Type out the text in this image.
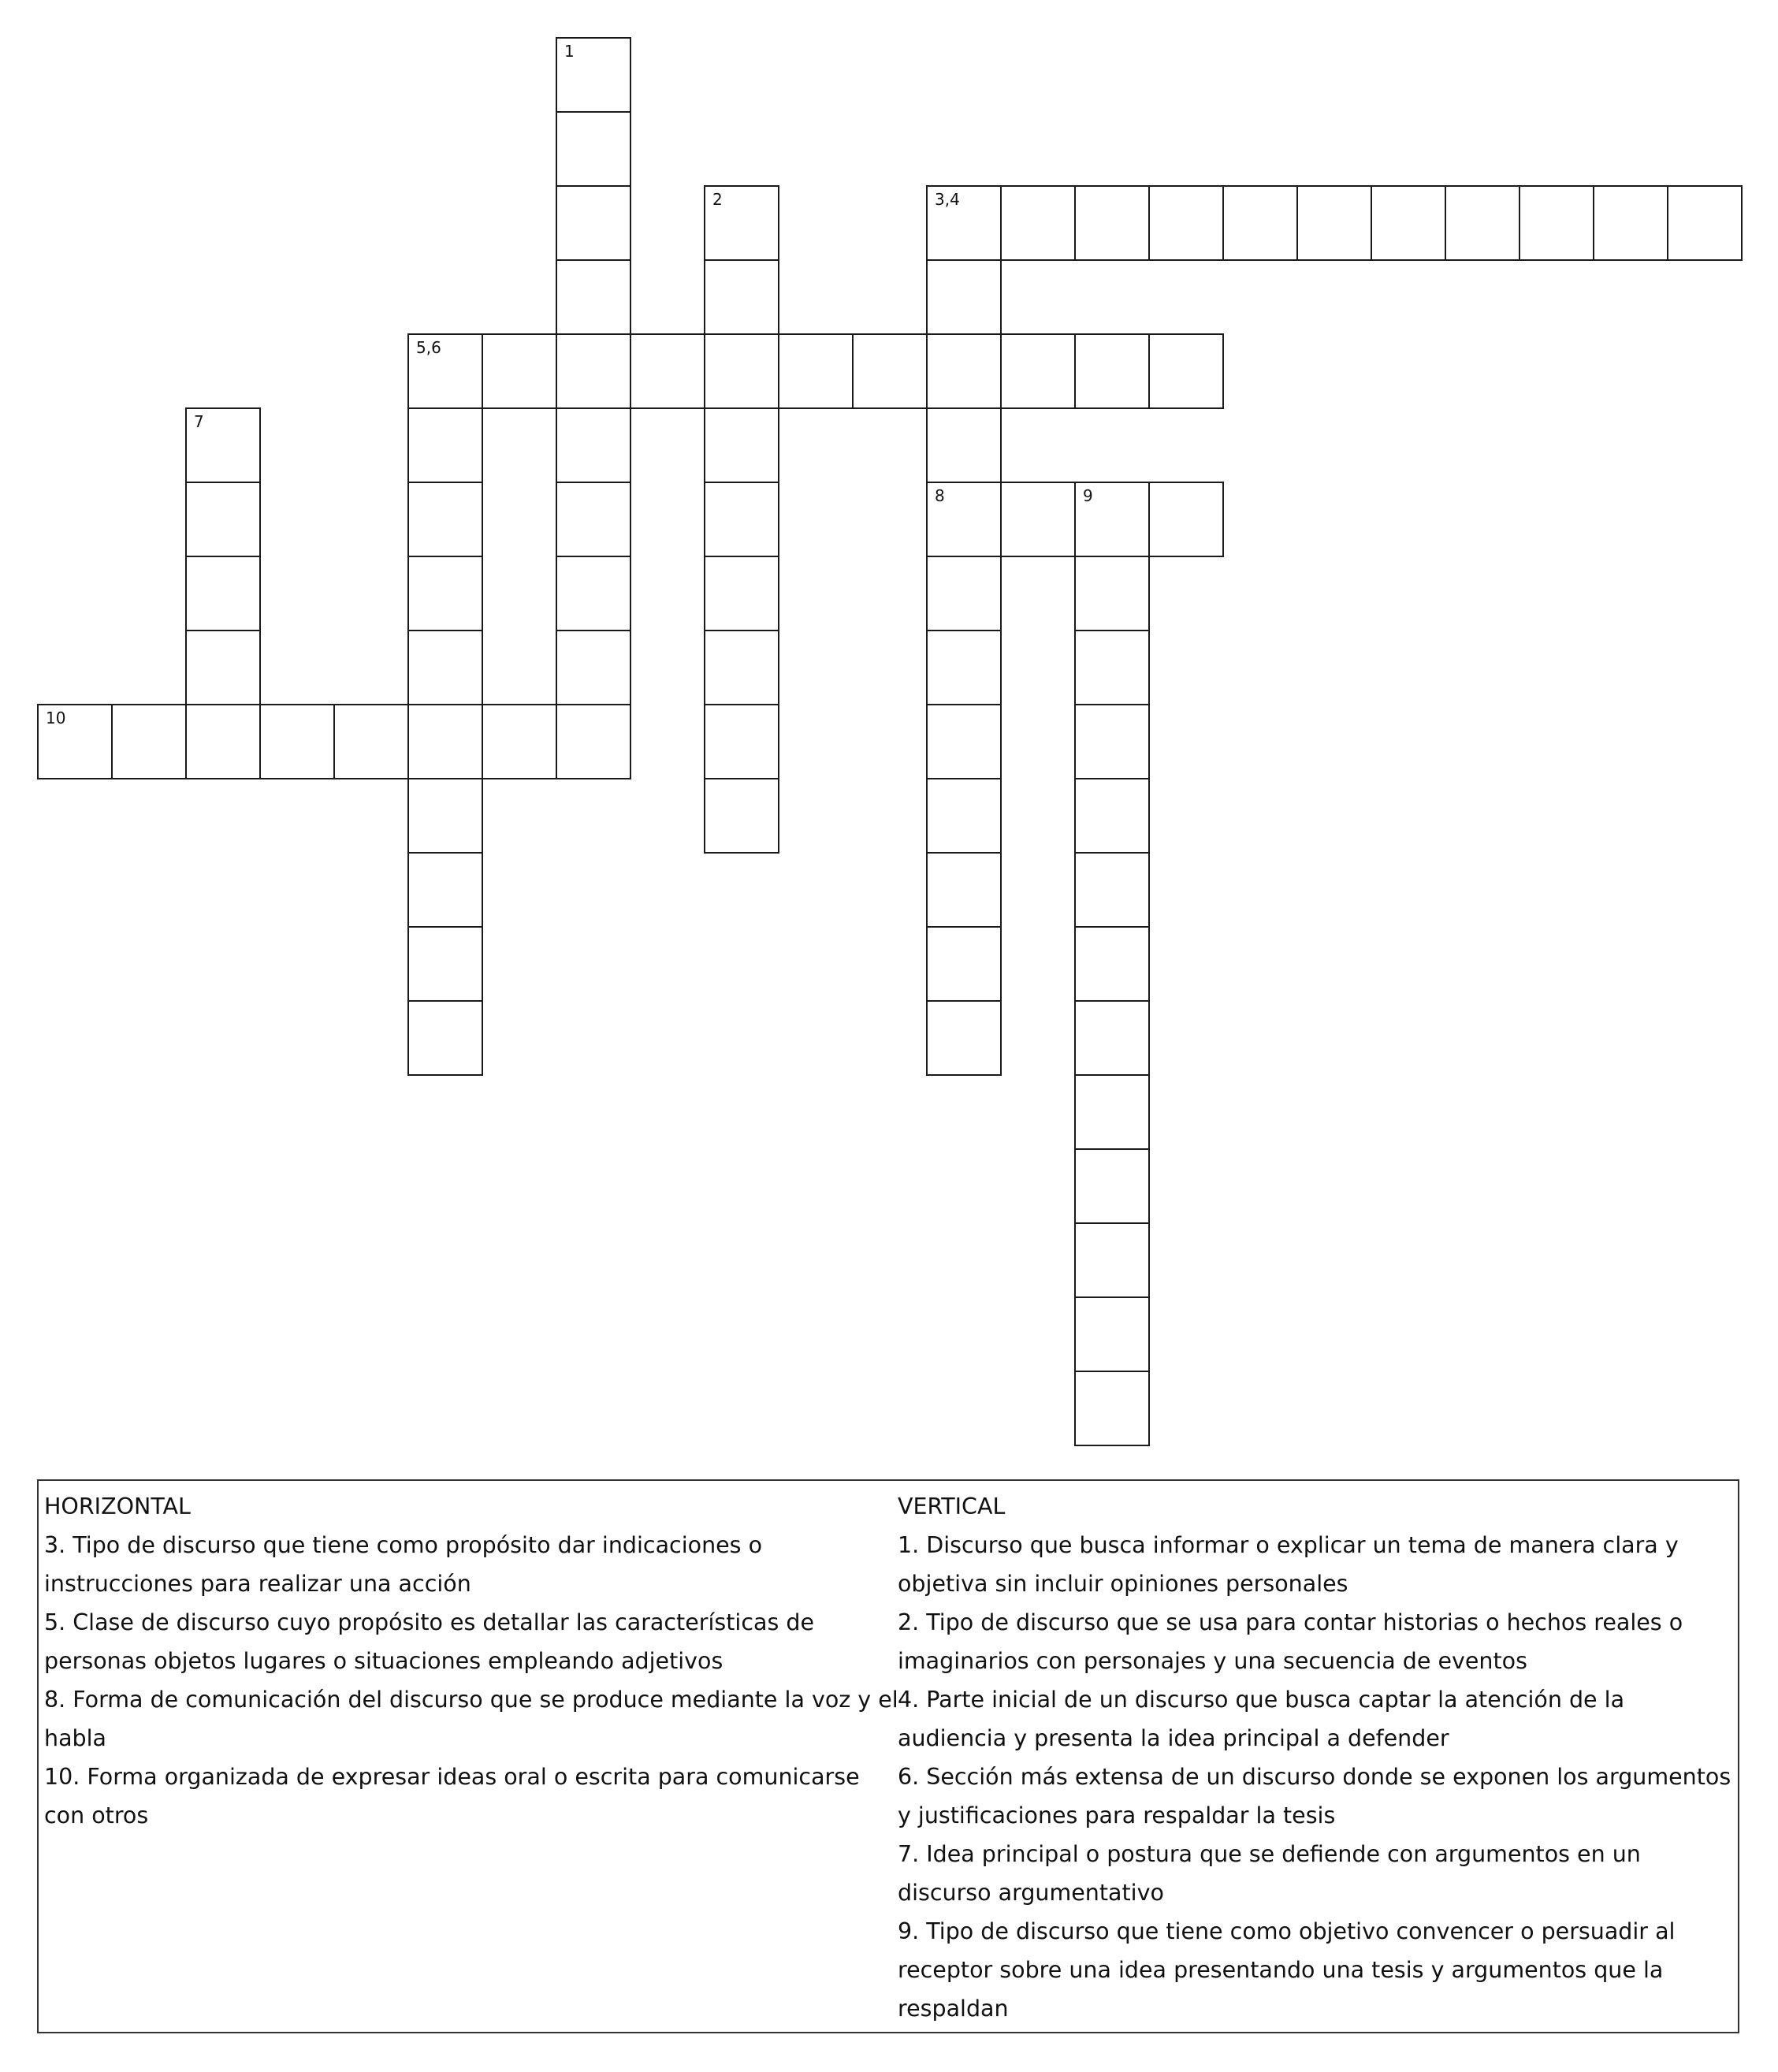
1
2	3,4
5,6
7
8	9
10

HORIZONTAL

3. Tipo de discurso que tiene como propósito dar indicaciones o instrucciones para realizar una acción

5. Clase de discurso cuyo propósito es detallar las características de personas objetos lugares o situaciones empleando adjetivos

8. Forma de comunicación del discurso que se produce mediante la voz y el habla

10. Forma organizada de expresar ideas oral o escrita para comunicarse con otros

VERTICAL

1. Discurso que busca informar o explicar un tema de manera clara y objetiva sin incluir opiniones personales

2. Tipo de discurso que se usa para contar historias o hechos reales o imaginarios con personajes y una secuencia de eventos

4. Parte inicial de un discurso que busca captar la atención de la audiencia y presenta la idea principal a defender

6. Sección más extensa de un discurso donde se exponen los argumentos y justificaciones para respaldar la tesis

7. Idea principal o postura que se defiende con argumentos en un discurso argumentativo

9. Tipo de discurso que tiene como objetivo convencer o persuadir al receptor sobre una idea presentando una tesis y argumentos que la respaldan
